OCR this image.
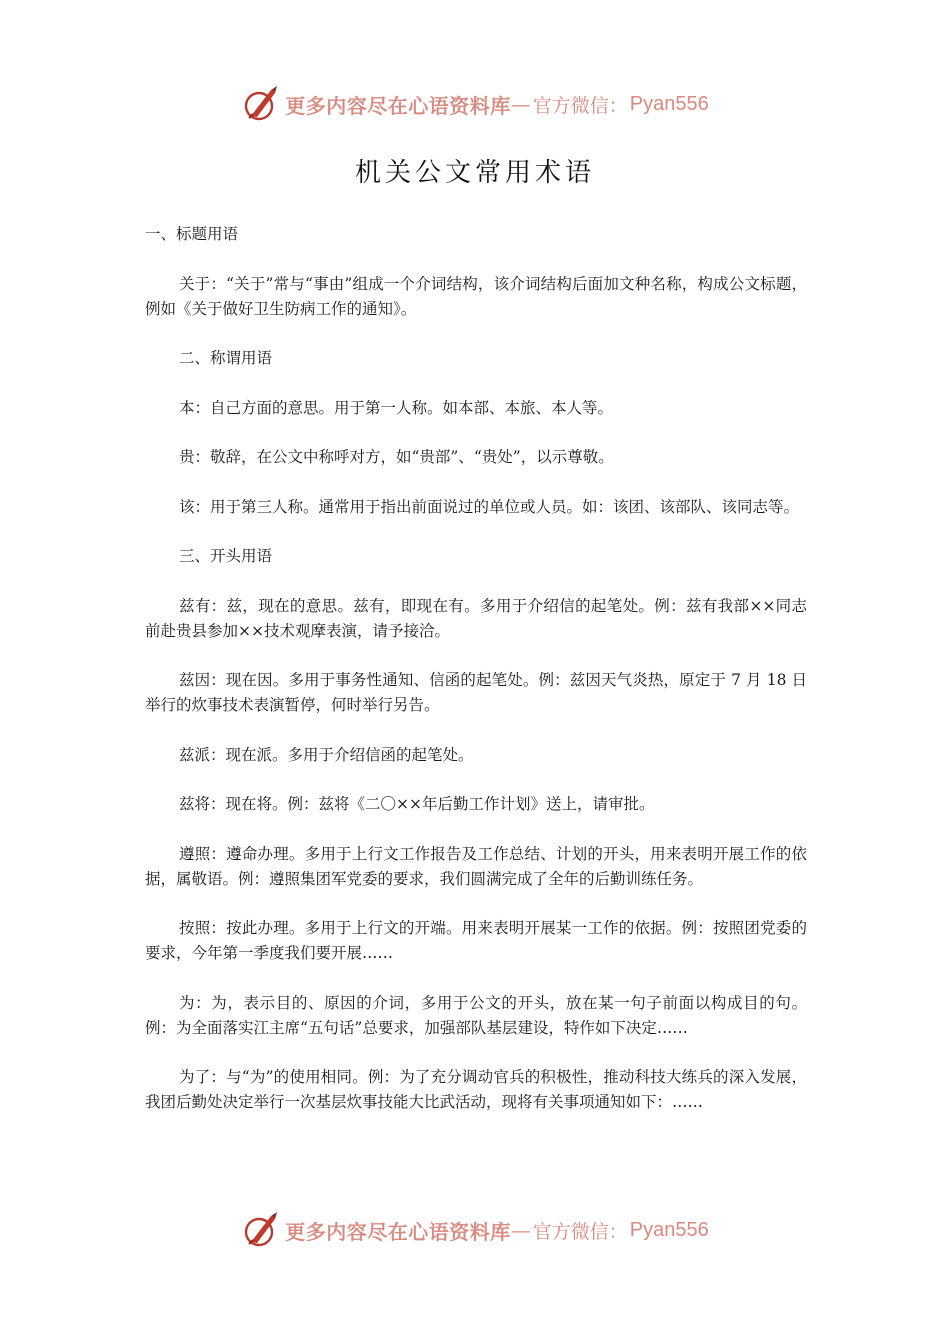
更多内容尽在心语资料库 — 官方微信： Pyan556
机关公文常用术语

一、标题用语

关于：“关于”常与“事由”组成一个介词结构，该介词结构后面加文种名称，构成公文标题，例如《关于做好卫生防病工作的通知》。

二、称谓用语

本：自己方面的意思。用于第一人称。如本部、本旅、本人等。

贵：敬辞，在公文中称呼对方，如“贵部”、“贵处”，以示尊敬。

该：用于第三人称。通常用于指出前面说过的单位或人员。如：该团、该部队、该同志等。

三、开头用语

兹有：兹，现在的意思。兹有，即现在有。多用于介绍信的起笔处。例：兹有我部××同志前赴贵县参加××技术观摩表演，请予接洽。

兹因：现在因。多用于事务性通知、信函的起笔处。例：兹因天气炎热，原定于 7 月 18 日举行的炊事技术表演暂停，何时举行另告。

兹派：现在派。多用于介绍信函的起笔处。

兹将：现在将。例：兹将《二〇××年后勤工作计划》送上，请审批。

遵照：遵命办理。多用于上行文工作报告及工作总结、计划的开头，用来表明开展工作的依据，属敬语。例：遵照集团军党委的要求，我们圆满完成了全年的后勤训练任务。

按照：按此办理。多用于上行文的开端。用来表明开展某一工作的依据。例：按照团党委的要求，今年第一季度我们要开展……

为：为，表示目的、原因的介词，多用于公文的开头，放在某一句子前面以构成目的句。例：为全面落实江主席“五句话”总要求，加强部队基层建设，特作如下决定……

为了：与“为”的使用相同。例：为了充分调动官兵的积极性，推动科技大练兵的深入发展，我团后勤处决定举行一次基层炊事技能大比武活动，现将有关事项通知如下：……

更多内容尽在心语资料库 — 官方微信： Pyan556
